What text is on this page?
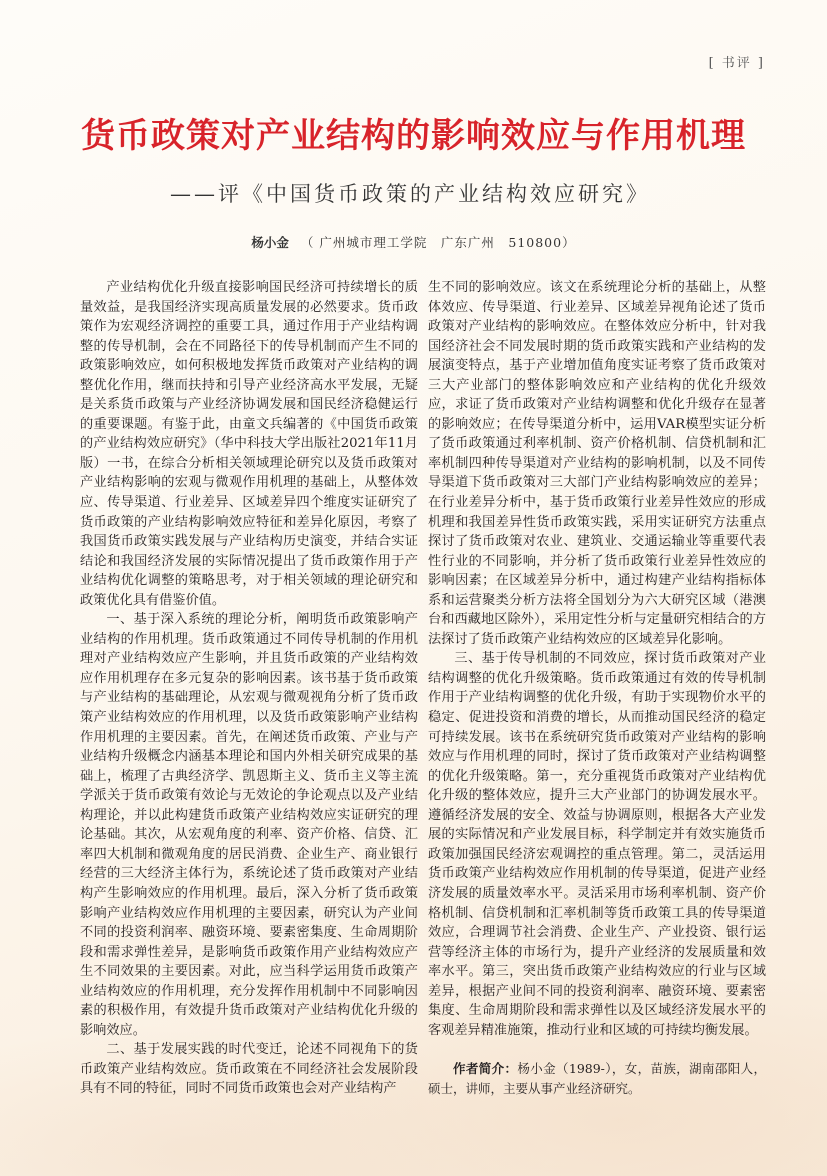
[ 书评 ]
货币政策对产业结构的影响效应与作用机理
——评《中国货币政策的产业结构效应研究》
杨小金 （ 广州城市理工学院　广东广州　510800）

产业结构优化升级直接影响国民经济可持续增长的质量效益，是我国经济实现高质量发展的必然要求。货币政策作为宏观经济调控的重要工具，通过作用于产业结构调整的传导机制，会在不同路径下的传导机制而产生不同的政策影响效应，如何积极地发挥货币政策对产业结构的调整优化作用，继而扶持和引导产业经济高水平发展，无疑是关系货币政策与产业经济协调发展和国民经济稳健运行的重要课题。有鉴于此，由童文兵编著的《中国货币政策的产业结构效应研究》（华中科技大学出版社2021年11月版）一书，在综合分析相关领域理论研究以及货币政策对产业结构影响的宏观与微观作用机理的基础上，从整体效应、传导渠道、行业差异、区域差异四个维度实证研究了货币政策的产业结构影响效应特征和差异化原因，考察了我国货币政策实践发展与产业结构历史演变，并结合实证结论和我国经济发展的实际情况提出了货币政策作用于产业结构优化调整的策略思考，对于相关领域的理论研究和政策优化具有借鉴价值。

一、基于深入系统的理论分析，阐明货币政策影响产业结构的作用机理。货币政策通过不同传导机制的作用机理对产业结构效应产生影响，并且货币政策的产业结构效应作用机理存在多元复杂的影响因素。该书基于货币政策与产业结构的基础理论，从宏观与微观视角分析了货币政策产业结构效应的作用机理，以及货币政策影响产业结构作用机理的主要因素。首先，在阐述货币政策、产业与产业结构升级概念内涵基本理论和国内外相关研究成果的基础上，梳理了古典经济学、凯恩斯主义、货币主义等主流学派关于货币政策有效论与无效论的争论观点以及产业结构理论，并以此构建货币政策产业结构效应实证研究的理论基础。其次，从宏观角度的利率、资产价格、信贷、汇率四大机制和微观角度的居民消费、企业生产、商业银行经营的三大经济主体行为，系统论述了货币政策对产业结构产生影响效应的作用机理。最后，深入分析了货币政策影响产业结构效应作用机理的主要因素，研究认为产业间不同的投资利润率、融资环境、要素密集度、生命周期阶段和需求弹性差异，是影响货币政策作用产业结构效应产生不同效果的主要因素。对此，应当科学运用货币政策产业结构效应的作用机理，充分发挥作用机制中不同影响因素的积极作用，有效提升货币政策对产业结构优化升级的影响效应。

二、基于发展实践的时代变迁，论述不同视角下的货币政策产业结构效应。货币政策在不同经济社会发展阶段具有不同的特征，同时不同货币政策也会对产业结构产

生不同的影响效应。该文在系统理论分析的基础上，从整体效应、传导渠道、行业差异、区域差异视角论述了货币政策对产业结构的影响效应。在整体效应分析中，针对我国经济社会不同发展时期的货币政策实践和产业结构的发展演变特点，基于产业增加值角度实证考察了货币政策对三大产业部门的整体影响效应和产业结构的优化升级效应，求证了货币政策对产业结构调整和优化升级存在显著的影响效应；在传导渠道分析中，运用VAR模型实证分析了货币政策通过利率机制、资产价格机制、信贷机制和汇率机制四种传导渠道对产业结构的影响机制，以及不同传导渠道下货币政策对三大部门产业结构影响效应的差异；在行业差异分析中，基于货币政策行业差异性效应的形成机理和我国差异性货币政策实践，采用实证研究方法重点探讨了货币政策对农业、建筑业、交通运输业等重要代表性行业的不同影响，并分析了货币政策行业差异性效应的影响因素；在区域差异分析中，通过构建产业结构指标体系和运营聚类分析方法将全国划分为六大研究区域（港澳台和西藏地区除外），采用定性分析与定量研究相结合的方法探讨了货币政策产业结构效应的区域差异化影响。

三、基于传导机制的不同效应，探讨货币政策对产业结构调整的优化升级策略。货币政策通过有效的传导机制作用于产业结构调整的优化升级，有助于实现物价水平的稳定、促进投资和消费的增长，从而推动国民经济的稳定可持续发展。该书在系统研究货币政策对产业结构的影响效应与作用机理的同时，探讨了货币政策对产业结构调整的优化升级策略。第一，充分重视货币政策对产业结构优化升级的整体效应，提升三大产业部门的协调发展水平。遵循经济发展的安全、效益与协调原则，根据各大产业发展的实际情况和产业发展目标，科学制定并有效实施货币政策加强国民经济宏观调控的重点管理。第二，灵活运用货币政策产业结构效应作用机制的传导渠道，促进产业经济发展的质量效率水平。灵活采用市场利率机制、资产价格机制、信贷机制和汇率机制等货币政策工具的传导渠道效应，合理调节社会消费、企业生产、产业投资、银行运营等经济主体的市场行为，提升产业经济的发展质量和效率水平。第三，突出货币政策产业结构效应的行业与区域差异，根据产业间不同的投资利润率、融资环境、要素密集度、生命周期阶段和需求弹性以及区域经济发展水平的客观差异精准施策，推动行业和区域的可持续均衡发展。

作者简介：杨小金（1989-），女，苗族，湖南邵阳人，硕士，讲师，主要从事产业经济研究。
